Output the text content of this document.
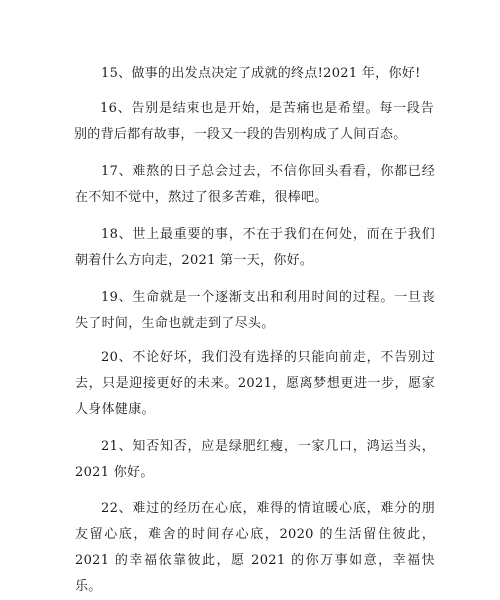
15、做事的出发点决定了成就的终点!2021 年，你好!

16、告别是结束也是开始，是苦痛也是希望。每一段告别的背后都有故事，一段又一段的告别构成了人间百态。

17、难熬的日子总会过去，不信你回头看看，你都已经在不知不觉中，熬过了很多苦难，很棒吧。

18、世上最重要的事，不在于我们在何处，而在于我们朝着什么方向走，2021 第一天，你好。

19、生命就是一个逐渐支出和利用时间的过程。一旦丧失了时间，生命也就走到了尽头。

20、不论好坏，我们没有选择的只能向前走，不告别过去，只是迎接更好的未来。2021，愿离梦想更进一步，愿家人身体健康。

21、知否知否，应是绿肥红瘦，一家几口，鸿运当头，2021 你好。

22、难过的经历在心底，难得的情谊暖心底，难分的朋友留心底，难舍的时间存心底，2020 的生活留住彼此，2021 的幸福依靠彼此，愿 2021 的你万事如意，幸福快乐。
